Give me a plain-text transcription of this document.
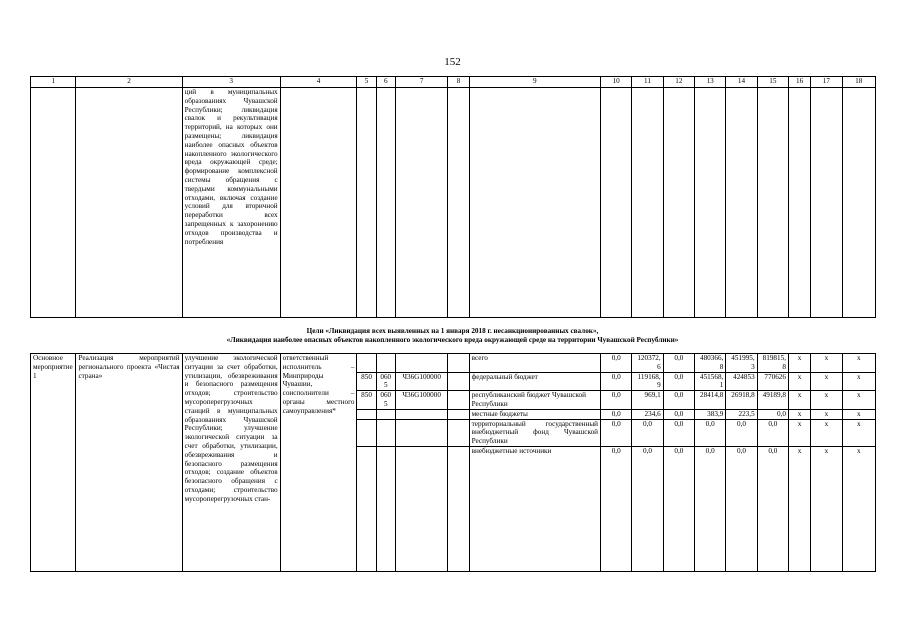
152
1	2	3	4	5	6	7	8	9	10	11	12	13	14	15	16	17	18
		ций в муниципальных образованиях Чувашской Республики; ликвидация свалок и рекультивация территорий, на которых они размещены; ликвидация наиболее опасных объектов накопленного экологического вреда окружающей среде; формирование комплексной системы обращения с твердыми коммунальными отходами, включая создание условий для вторичной переработки всех запрещенных к захоронению отходов производства и потребления															
Цели «Ликвидация всех выявленных на 1 января 2018 г. несанкционированных свалок»,
«Ликвидация наиболее опасных объектов накопленного экологического вреда окружающей среде на территории Чувашской Республики»
Основное мероприятие 1	Реализация мероприятий регионального проекта «Чистая страна»	улучшение экологической ситуации за счет обработки, утилизации, обезвреживания и безопасного размещения отходов; строительство мусороперегрузочных станций в муниципальных образованиях Чувашской Республики; улучшение экологической ситуации за счет обработки, утилизации, обезвреживания и безопасного размещения отходов; создание объектов безопасного обращения с отходами; строительство мусороперегрузочных стан-	ответственный исполнитель – Минприроды Чувашии, соисполнители – органы местного самоуправления*					всего	0,0	120372,6	0,0	480366,8	451995,3	819815,8	x	x	x
				850	0605	Ч36G100000		федеральный бюджет	0,0	119168,9	0,0	451568,1	424853	770626	x	x	x
				850	0605	Ч36G100000		республиканский бюджет Чувашской Республики	0,0	969,1	0,0	28414,8	26918,8	49189,8	x	x	x
								местные бюджеты	0,0	234,6	0,0	383,9	223,5	0,0	x	x	x
								территориальный государственный внебюджетный фонд Чувашской Республики	0,0	0,0	0,0	0,0	0,0	0,0	x	x	x
								внебюджетные источники	0,0	0,0	0,0	0,0	0,0	0,0	x	x	x
